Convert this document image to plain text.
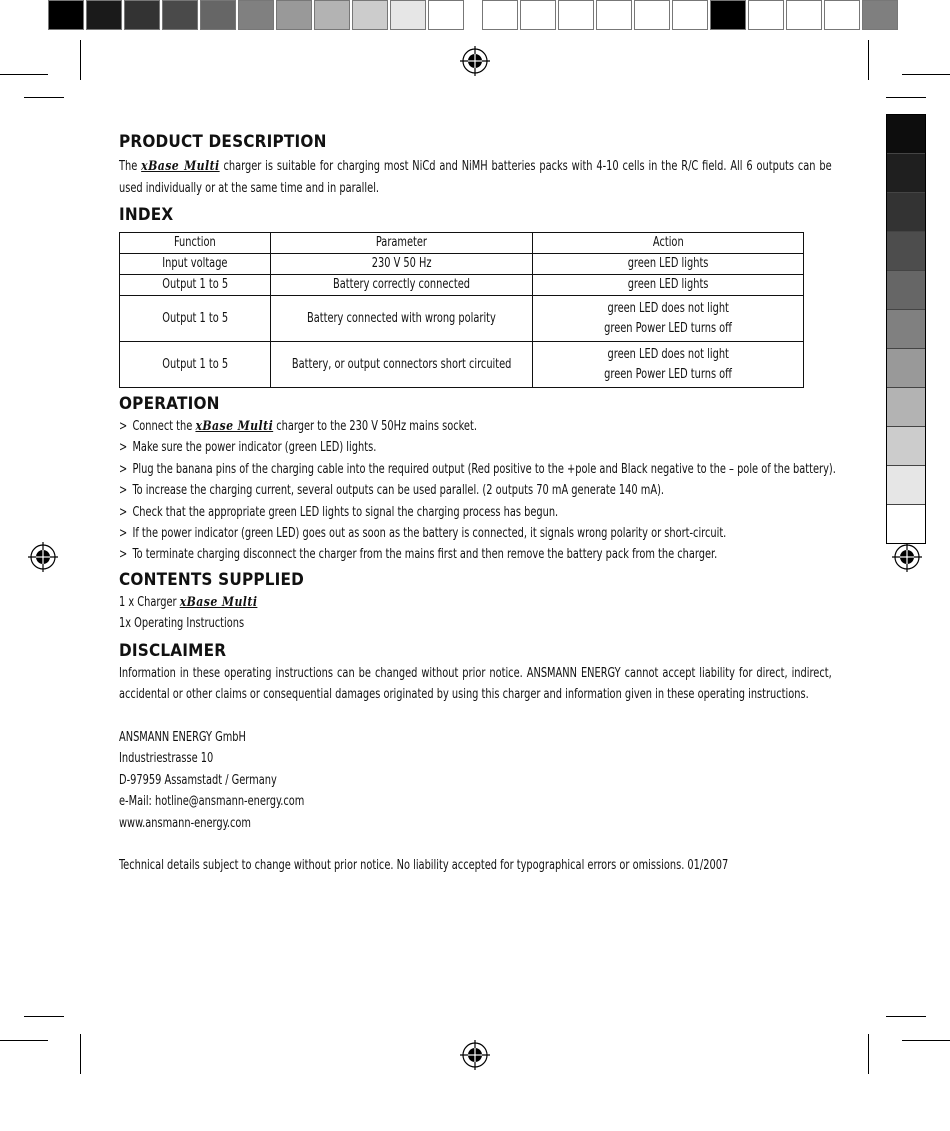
PRODUCT DESCRIPTION
The xBase Multi charger is suitable for charging most NiCd and NiMH batteries packs with 4-10 cells in the R/C field. All 6 outputs can be used individually or at the same time and in parallel.
INDEX
Function	Parameter	Action
Input voltage	230 V 50 Hz	green LED lights
Output 1 to 5	Battery correctly connected	green LED lights
Output 1 to 5	Battery connected with wrong polarity	green LED does not light
green Power LED turns off
Output 1 to 5	Battery, or output connectors short circuited	green LED does not light
green Power LED turns off
OPERATION
> Connect the xBase Multi charger to the 230 V 50Hz mains socket.
> Make sure the power indicator (green LED) lights.
> Plug the banana pins of the charging cable into the required output (Red positive to the +pole and Black negative to the – pole of the battery).
> To increase the charging current, several outputs can be used parallel. (2 outputs 70 mA generate 140 mA).
> Check that the appropriate green LED lights to signal the charging process has begun.
> If the power indicator (green LED) goes out as soon as the battery is connected, it signals wrong polarity or short-circuit.
> To terminate charging disconnect the charger from the mains first and then remove the battery pack from the charger.
CONTENTS SUPPLIED
1 x Charger xBase Multi
1x Operating Instructions
DISCLAIMER
Information in these operating instructions can be changed without prior notice. ANSMANN ENERGY cannot accept liability for direct, indirect, accidental or other claims or consequential damages originated by using this charger and information given in these operating instructions.
ANSMANN ENERGY GmbH
Industriestrasse 10
D-97959 Assamstadt / Germany
e-Mail: hotline@ansmann-energy.com
www.ansmann-energy.com
Technical details subject to change without prior notice. No liability accepted for typographical errors or omissions. 01/2007
